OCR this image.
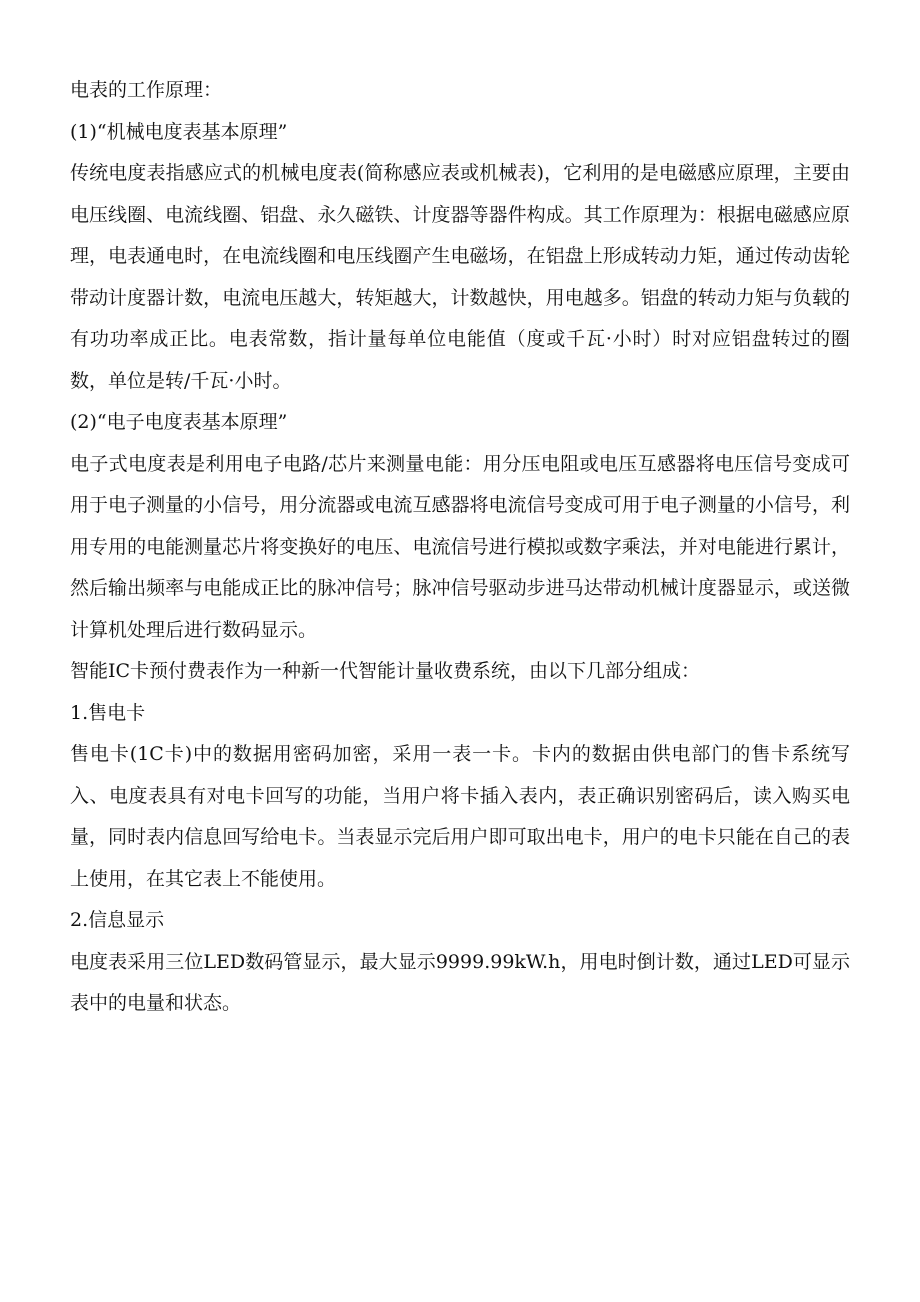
电表的工作原理：

(1)“机械电度表基本原理”

传统电度表指感应式的机械电度表(简称感应表或机械表)，它利用的是电磁感应原理，主要由电压线圈、电流线圈、铝盘、永久磁铁、计度器等器件构成。其工作原理为：根据电磁感应原理，电表通电时，在电流线圈和电压线圈产生电磁场，在铝盘上形成转动力矩，通过传动齿轮带动计度器计数，电流电压越大，转矩越大，计数越快，用电越多。铝盘的转动力矩与负载的有功功率成正比。电表常数，指计量每单位电能值（度或千瓦·小时）时对应铝盘转过的圈数，单位是转/千瓦·小时。

(2)“电子电度表基本原理”

电子式电度表是利用电子电路/芯片来测量电能：用分压电阻或电压互感器将电压信号变成可用于电子测量的小信号，用分流器或电流互感器将电流信号变成可用于电子测量的小信号，利用专用的电能测量芯片将变换好的电压、电流信号进行模拟或数字乘法，并对电能进行累计，然后输出频率与电能成正比的脉冲信号；脉冲信号驱动步进马达带动机械计度器显示，或送微计算机处理后进行数码显示。

智能IC卡预付费表作为一种新一代智能计量收费系统，由以下几部分组成：

1.售电卡

售电卡(1C卡)中的数据用密码加密，采用一表一卡。卡内的数据由供电部门的售卡系统写入、电度表具有对电卡回写的功能，当用户将卡插入表内，表正确识别密码后，读入购买电量，同时表内信息回写给电卡。当表显示完后用户即可取出电卡，用户的电卡只能在自己的表上使用，在其它表上不能使用。

2.信息显示

电度表采用三位LED数码管显示，最大显示9999.99kW.h，用电时倒计数，通过LED可显示表中的电量和状态。
